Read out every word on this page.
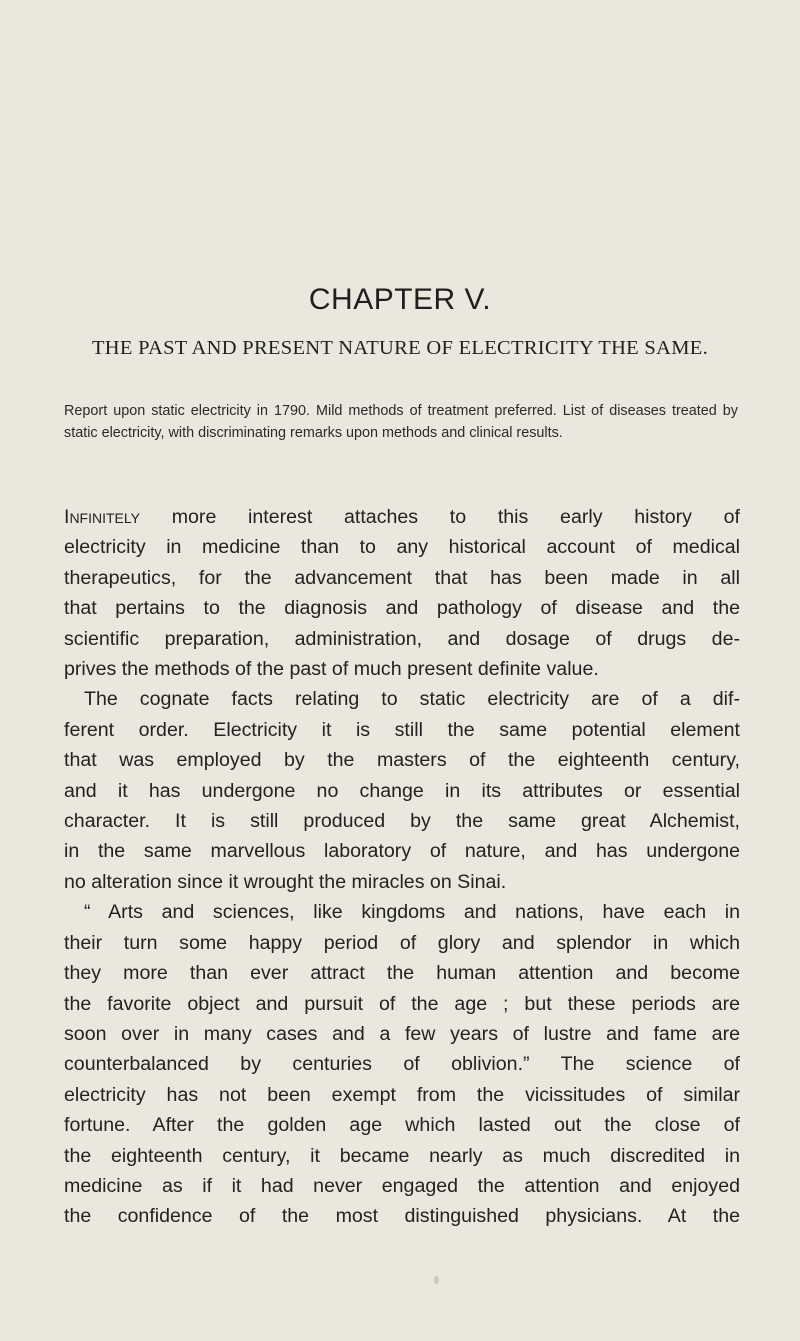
CHAPTER V.
THE PAST AND PRESENT NATURE OF ELECTRICITY THE SAME.
Report upon static electricity in 1790. Mild methods of treatment preferred. List of diseases treated by static electricity, with discriminating remarks upon methods and clinical results.
Infinitely more interest attaches to this early history of
electricity in medicine than to any historical account of medical
therapeutics, for the advancement that has been made in all
that pertains to the diagnosis and pathology of disease and the
scientific preparation, administration, and dosage of drugs de-
prives the methods of the past of much present definite value.
The cognate facts relating to static electricity are of a dif-
ferent order. Electricity it is still the same potential element
that was employed by the masters of the eighteenth century,
and it has undergone no change in its attributes or essential
character. It is still produced by the same great Alchemist,
in the same marvellous laboratory of nature, and has undergone
no alteration since it wrought the miracles on Sinai.
“ Arts and sciences, like kingdoms and nations, have each in
their turn some happy period of glory and splendor in which
they more than ever attract the human attention and become
the favorite object and pursuit of the age ; but these periods are
soon over in many cases and a few years of lustre and fame are
counterbalanced by centuries of oblivion.” The science of
electricity has not been exempt from the vicissitudes of similar
fortune. After the golden age which lasted out the close of
the eighteenth century, it became nearly as much discredited in
medicine as if it had never engaged the attention and enjoyed
the confidence of the most distinguished physicians. At the
